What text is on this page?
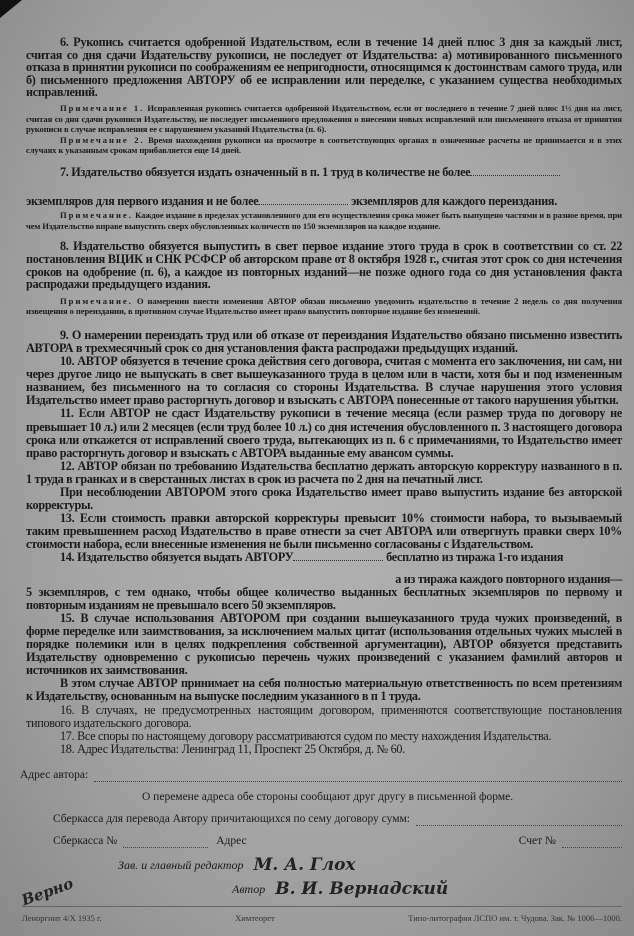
6. Рукопись считается одобренной Издательством, если в течение 14 дней плюс 3 дня за каждый лист, считая со дня сдачи Издательству рукописи, не последует от Издательства: а) мотивированного письменного отказа в принятии рукописи по соображениям ее непригодности, относящимся к достоинствам самого труда, или б) письменного предложения АВТОРУ об ее исправлении или переделке, с указанием существа необходимых исправлений.

Примечание 1. Исправленная рукопись считается одобренной Издательством, если от последнего в течение 7 дней плюс 1½ дня на лист, считая со дня сдачи рукописи Издательству, не последует письменного предложения о внесении новых исправлений или письменного отказа от принятия рукописи в случае исправления ее с нарушением указаний Издательства (п. 6).
Примечание 2. Время нахождения рукописи на просмотре в соответствующих органах в означенные расчеты не принимается и в этих случаях к указанным срокам прибавляется еще 14 дней.

7. Издательство обязуется издать означенный в п. 1 труд в количестве не более

экземпляров для первого издания и не более	экземпляров для каждого переиздания.

Примечание. Каждое издание в пределах установленного для его осуществления срока может быть выпущено частями и в разное время, при чем Издательство вправе выпустить сверх обусловленных количеств по 150 экземпляров на каждое издание.

8. Издательство обязуется выпустить в свет первое издание этого труда в срок в соответствии со ст. 22 постановления ВЦИК и СНК РСФСР об авторском праве от 8 октября 1928 г., считая этот срок со дня истечения сроков на одобрение (п. 6), а каждое из повторных изданий—не позже одного года со дня установления факта распродажи предыдущего издания.

Примечание. О намерении внести изменения АВТОР обязан письменно уведомить издательство в течение 2 недель со дня получения извещения о переиздании, в противном случае Издательство имеет право выпустить повторное издание без изменений.

9. О намерении переиздать труд или об отказе от переиздания Издательство обязано письменно известить АВТОРА в трехмесячный срок со дня установления факта распродажи предыдущих изданий.

10. АВТОР обязуется в течение срока действия сего договора, считая с момента его заключения, ни сам, ни через другое лицо не выпускать в свет вышеуказанного труда в целом или в части, хотя бы и под измененным названием, без письменного на то согласия со стороны Издательства. В случае нарушения этого условия Издательство имеет право расторгнуть договор и взыскать с АВТОРА понесенные от такого нарушения убытки.

11. Если АВТОР не сдаст Издательству рукописи в течение месяца (если размер труда по договору не превышает 10 л.) или 2 месяцев (если труд более 10 л.) со дня истечения обусловленного п. 3 настоящего договора срока или откажется от исправлений своего труда, вытекающих из п. 6 с примечаниями, то Издательство имеет право расторгнуть договор и взыскать с АВТОРА выданные ему авансом суммы.

12. АВТОР обязан по требованию Издательства бесплатно держать авторскую корректуру названного в п. 1 труда в гранках и в сверстанных листах в срок из расчета по 2 дня на печатный лист.

При несоблюдении АВТОРОМ этого срока Издательство имеет право выпустить издание без авторской корректуры.

13. Если стоимость правки авторской корректуры превысит 10% стоимости набора, то вызываемый таким превышением расход Издательство в праве отнести за счет АВТОРА или отвергнуть правки сверх 10% стоимости набора, если внесенные изменения не были письменно согласованы с Издательством.

14. Издательство обязуется выдать АВТОРУ	бесплатно из тиража 1-го издания

а из тиража каждого повторного издания—

5 экземпляров, с тем однако, чтобы общее количество выданных бесплатных экземпляров по первому и повторным изданиям не превышало всего 50 экземпляров.

15. В случае использования АВТОРОМ при создании вышеуказанного труда чужих произведений, в форме переделке или заимствования, за исключением малых цитат (использования отдельных чужих мыслей в порядке полемики или в целях подкрепления собственной аргументации), АВТОР обязуется представить Издательству одновременно с рукописью перечень чужих произведений с указанием фамилий авторов и источников их заимствования.

В этом случае АВТОР принимает на себя полностью материальную ответственность по всем претензиям к Издательству, основанным на выпуске последним указанного в п 1 труда.

16. В случаях, не предусмотренных настоящим договором, применяются соответствующие постановления типового издательского договора.

17. Все споры по настоящему договору рассматриваются судом по месту нахождения Издательства.

18. Адрес Издательства: Ленинград 11, Проспект 25 Октября, д. № 60.

Адрес автора:
О перемене адреса обе стороны сообщают друг другу в письменной форме.
Сберкасса для перевода Автору причитающихся по сему договору сумм:
Сберкасса №	Адрес	Счет №
Зав. и главный редактор М. А. Глох
Верно	Автор В. И. Вернадский
Леноргнит 4/X 1935 г.	Химтеорет	Типо-литография ЛСПО им. т. Чудова. Зак. № 1006—1000.
